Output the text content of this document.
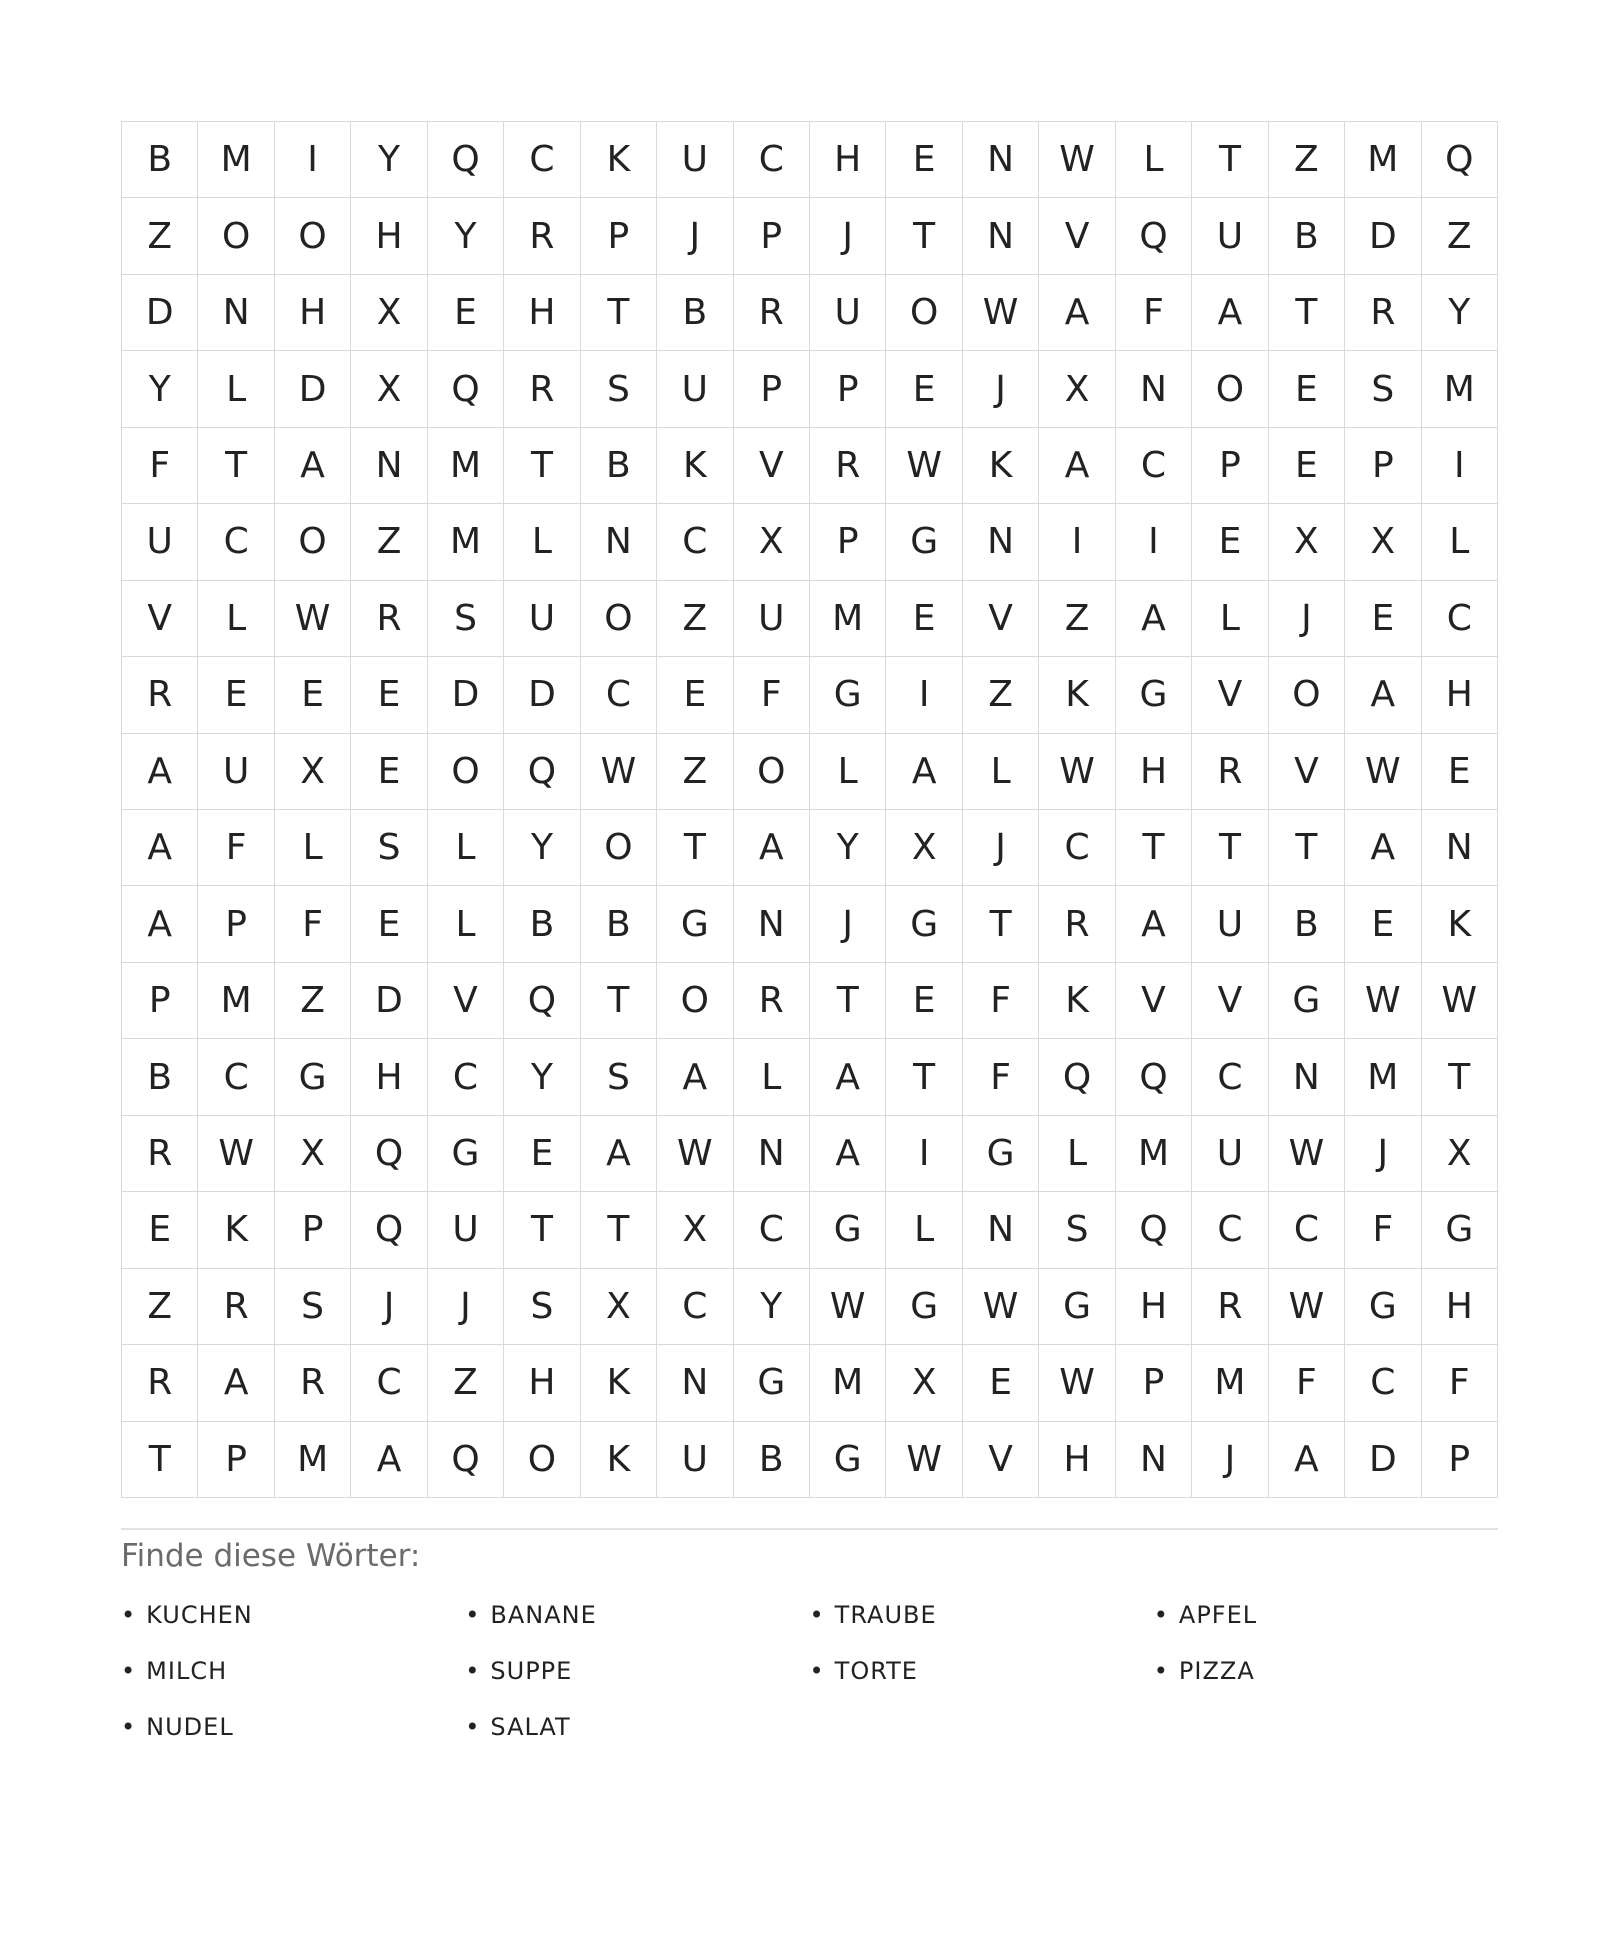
B	M	I	Y	Q	C	K	U	C	H	E	N	W	L	T	Z	M	Q
Z	O	O	H	Y	R	P	J	P	J	T	N	V	Q	U	B	D	Z
D	N	H	X	E	H	T	B	R	U	O	W	A	F	A	T	R	Y
Y	L	D	X	Q	R	S	U	P	P	E	J	X	N	O	E	S	M
F	T	A	N	M	T	B	K	V	R	W	K	A	C	P	E	P	I
U	C	O	Z	M	L	N	C	X	P	G	N	I	I	E	X	X	L
V	L	W	R	S	U	O	Z	U	M	E	V	Z	A	L	J	E	C
R	E	E	E	D	D	C	E	F	G	I	Z	K	G	V	O	A	H
A	U	X	E	O	Q	W	Z	O	L	A	L	W	H	R	V	W	E
A	F	L	S	L	Y	O	T	A	Y	X	J	C	T	T	T	A	N
A	P	F	E	L	B	B	G	N	J	G	T	R	A	U	B	E	K
P	M	Z	D	V	Q	T	O	R	T	E	F	K	V	V	G	W	W
B	C	G	H	C	Y	S	A	L	A	T	F	Q	Q	C	N	M	T
R	W	X	Q	G	E	A	W	N	A	I	G	L	M	U	W	J	X
E	K	P	Q	U	T	T	X	C	G	L	N	S	Q	C	C	F	G
Z	R	S	J	J	S	X	C	Y	W	G	W	G	H	R	W	G	H
R	A	R	C	Z	H	K	N	G	M	X	E	W	P	M	F	C	F
T	P	M	A	Q	O	K	U	B	G	W	V	H	N	J	A	D	P
Finde diese Wörter:
• KUCHEN	• BANANE	• TRAUBE	• APFEL
• MILCH	• SUPPE	• TORTE	• PIZZA
• NUDEL	• SALAT
